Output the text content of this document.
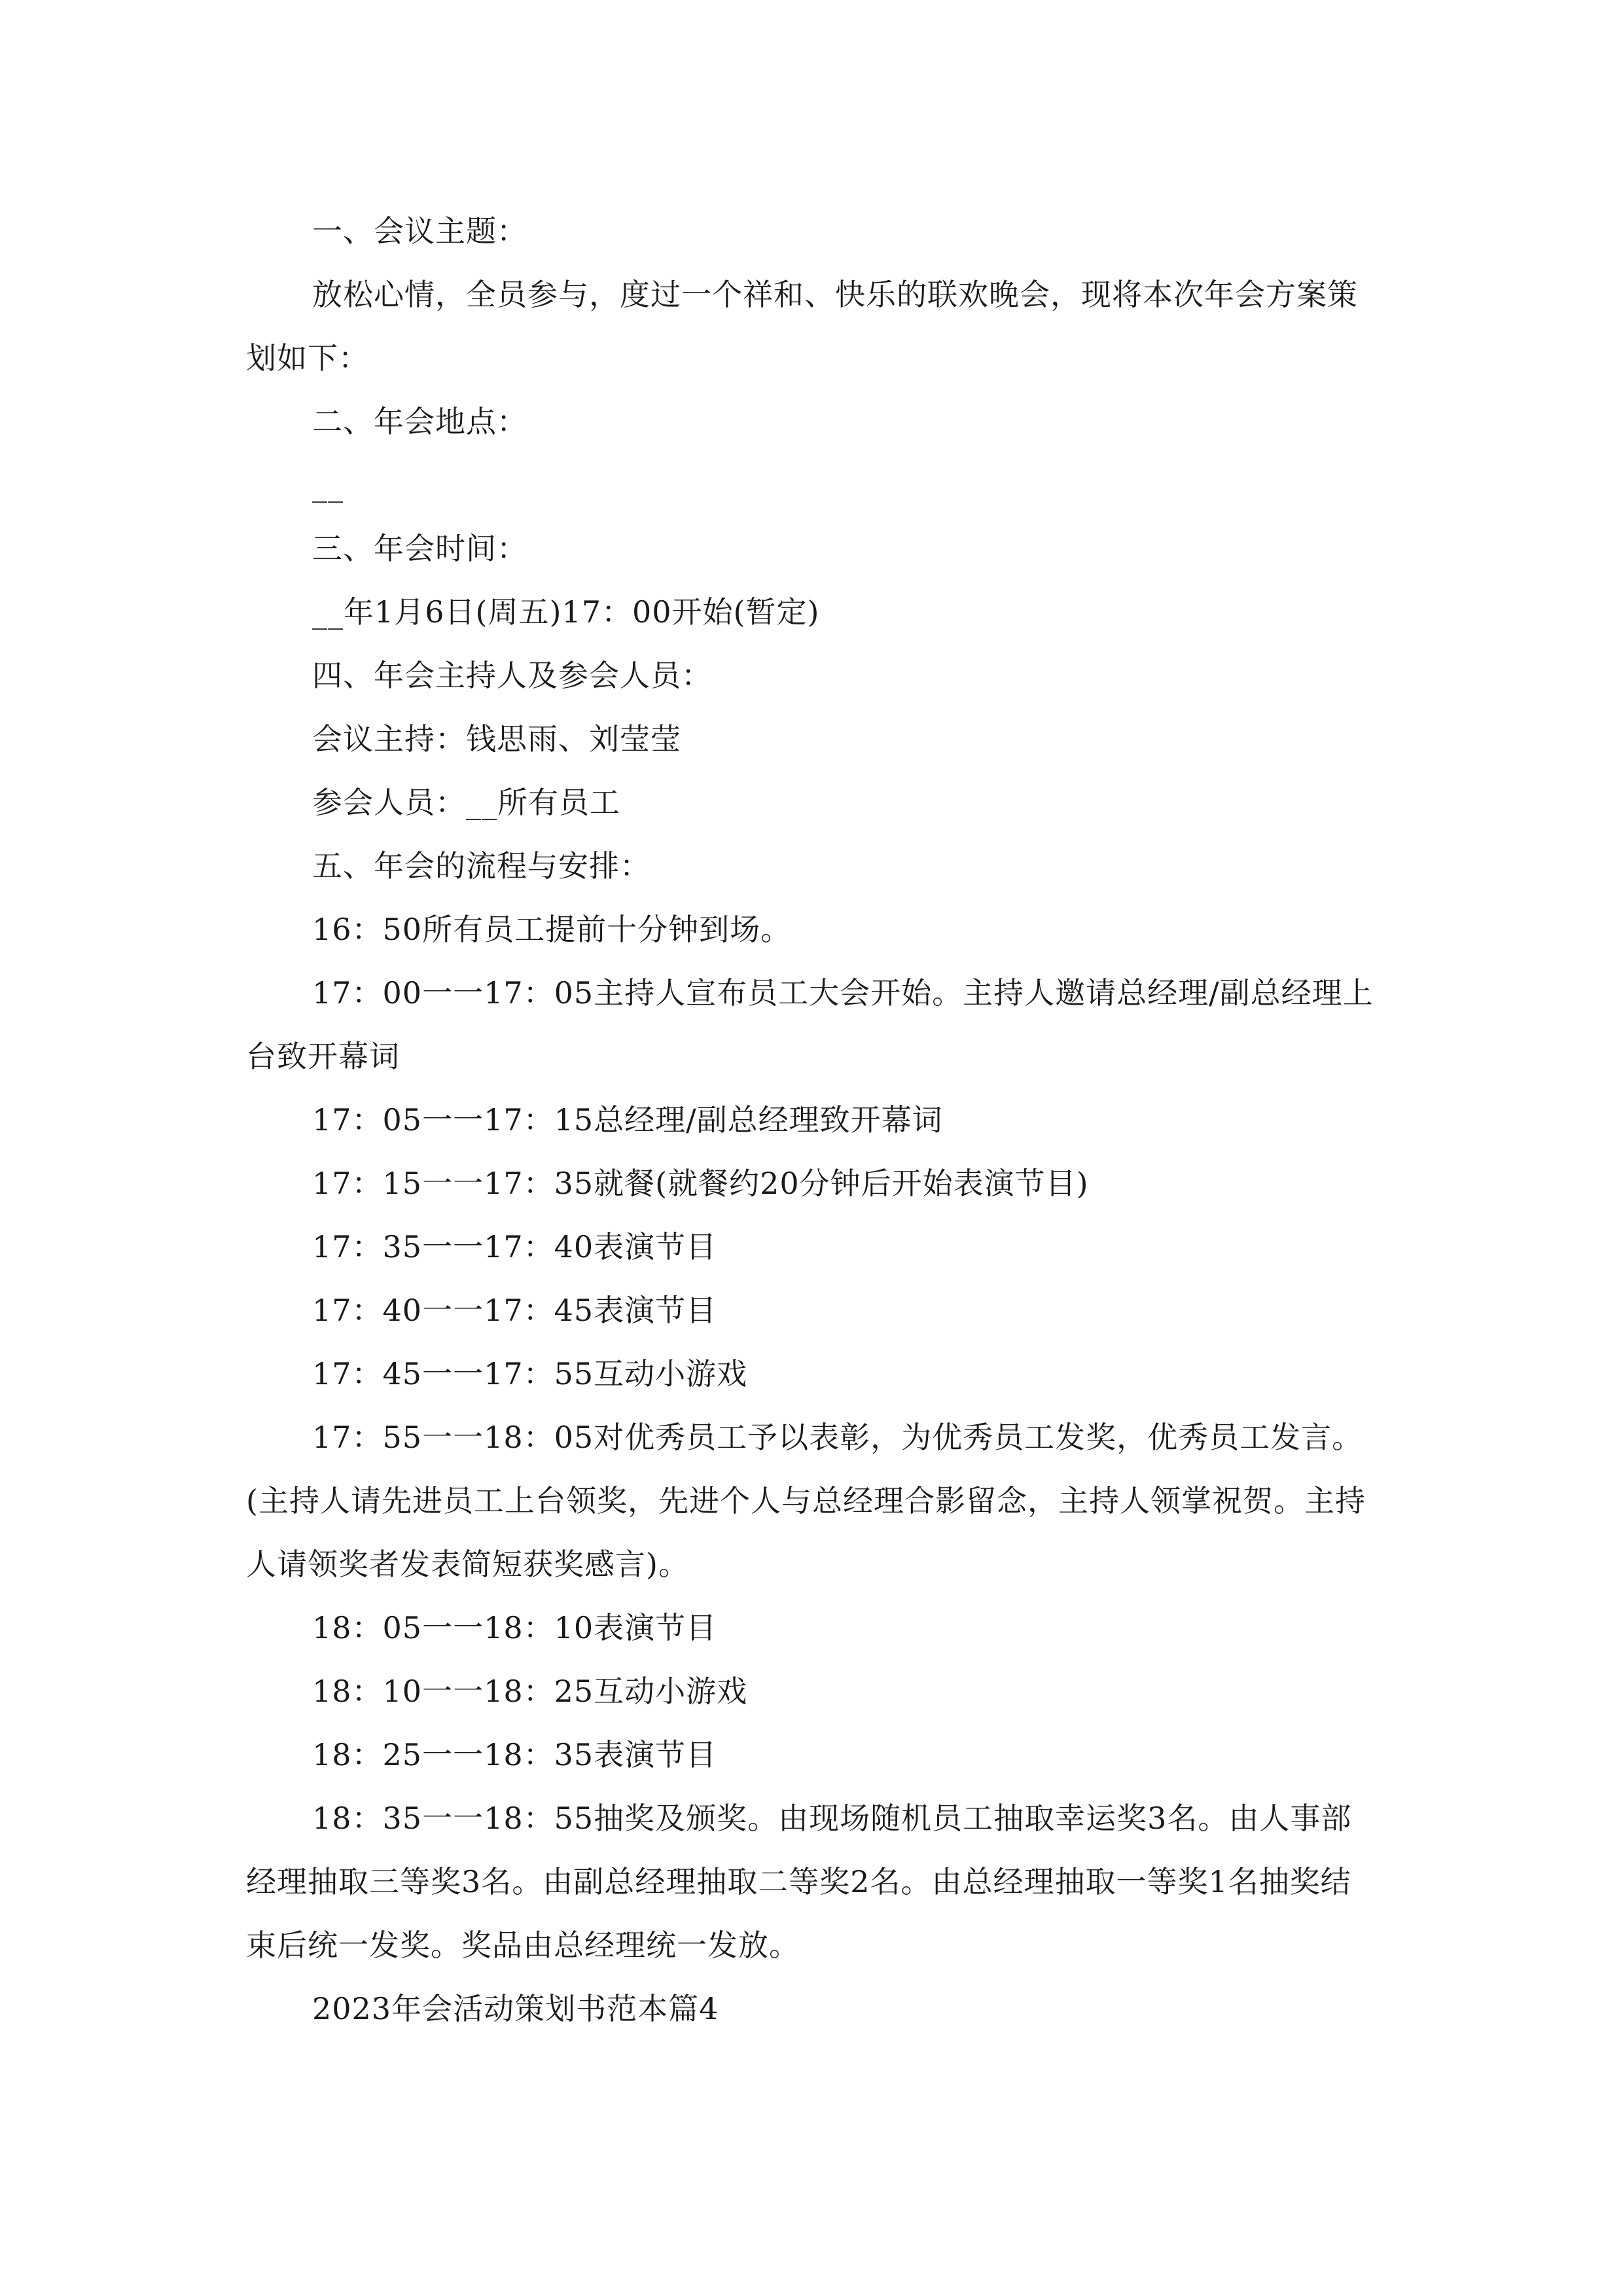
一、会议主题：

放松心情，全员参与，度过一个祥和、快乐的联欢晚会，现将本次年会方案策划如下：

二、年会地点：

__

三、年会时间：

__年1月6日(周五)17：00开始(暂定)

四、年会主持人及参会人员：

会议主持：钱思雨、刘莹莹

参会人员：__所有员工

五、年会的流程与安排：

16：50所有员工提前十分钟到场。

17：00一一17：05主持人宣布员工大会开始。主持人邀请总经理/副总经理上台致开幕词

17：05一一17：15总经理/副总经理致开幕词

17：15一一17：35就餐(就餐约20分钟后开始表演节目)

17：35一一17：40表演节目

17：40一一17：45表演节目

17：45一一17：55互动小游戏

17：55一一18：05对优秀员工予以表彰，为优秀员工发奖，优秀员工发言。(主持人请先进员工上台领奖，先进个人与总经理合影留念，主持人领掌祝贺。主持人请领奖者发表简短获奖感言)。

18：05一一18：10表演节目

18：10一一18：25互动小游戏

18：25一一18：35表演节目

18：35一一18：55抽奖及颁奖。由现场随机员工抽取幸运奖3名。由人事部经理抽取三等奖3名。由副总经理抽取二等奖2名。由总经理抽取一等奖1名抽奖结束后统一发奖。奖品由总经理统一发放。

2023年会活动策划书范本篇4
